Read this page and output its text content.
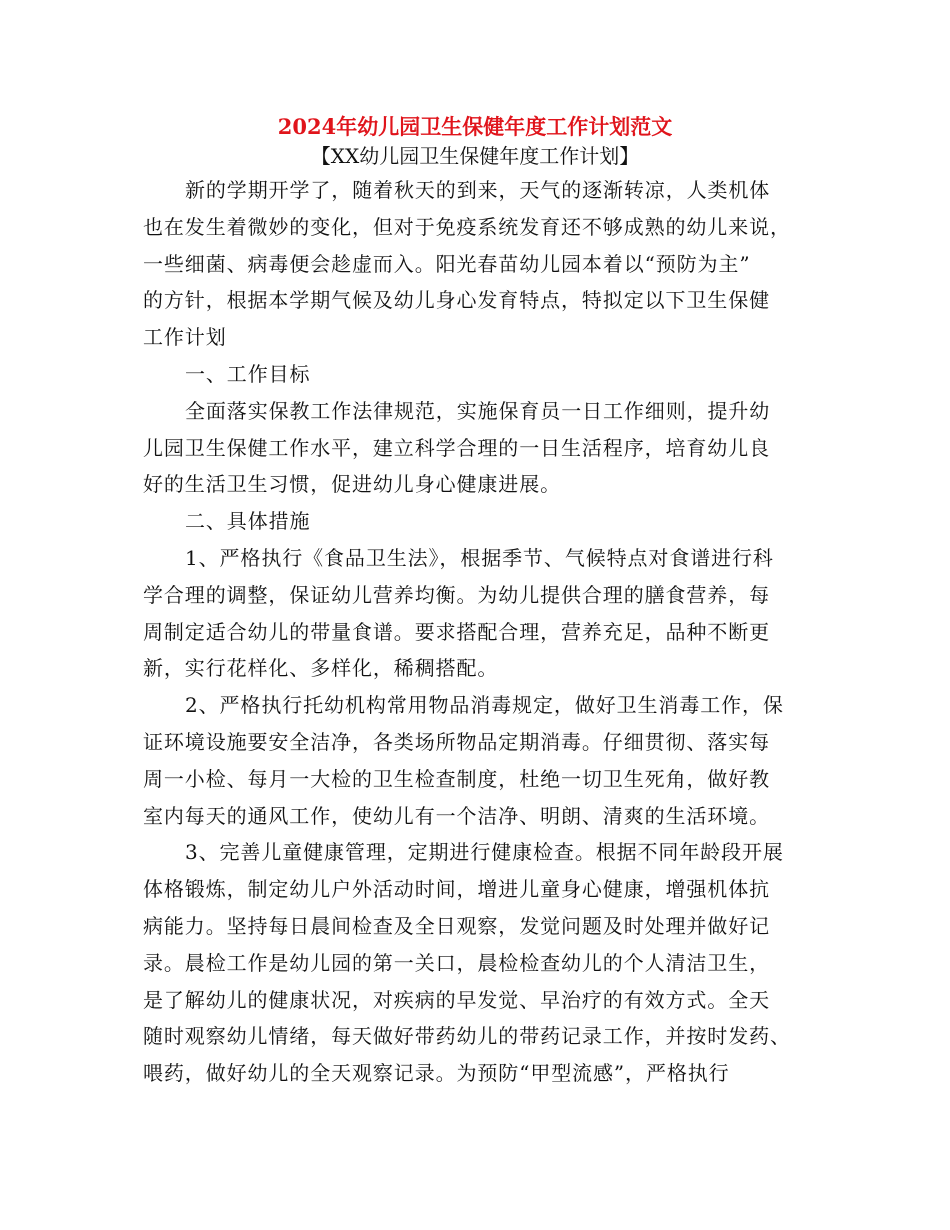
2024年幼儿园卫生保健年度工作计划范文
【XX幼儿园卫生保健年度工作计划】
新的学期开学了，随着秋天的到来，天气的逐渐转凉，人类机体
也在发生着微妙的变化，但对于免疫系统发育还不够成熟的幼儿来说，
一些细菌、病毒便会趁虚而入。阳光春苗幼儿园本着以“预防为主”
的方针，根据本学期气候及幼儿身心发育特点，特拟定以下卫生保健
工作计划
一、工作目标
全面落实保教工作法律规范，实施保育员一日工作细则，提升幼
儿园卫生保健工作水平，建立科学合理的一日生活程序，培育幼儿良
好的生活卫生习惯，促进幼儿身心健康进展。
二、具体措施
1、严格执行《食品卫生法》，根据季节、气候特点对食谱进行科
学合理的调整，保证幼儿营养均衡。为幼儿提供合理的膳食营养，每
周制定适合幼儿的带量食谱。要求搭配合理，营养充足，品种不断更
新，实行花样化、多样化，稀稠搭配。
2、严格执行托幼机构常用物品消毒规定，做好卫生消毒工作，保
证环境设施要安全洁净，各类场所物品定期消毒。仔细贯彻、落实每
周一小检、每月一大检的卫生检查制度，杜绝一切卫生死角，做好教
室内每天的通风工作，使幼儿有一个洁净、明朗、清爽的生活环境。
3、完善儿童健康管理，定期进行健康检查。根据不同年龄段开展
体格锻炼，制定幼儿户外活动时间，增进儿童身心健康，增强机体抗
病能力。坚持每日晨间检查及全日观察，发觉问题及时处理并做好记
录。晨检工作是幼儿园的第一关口，晨检检查幼儿的个人清洁卫生，
是了解幼儿的健康状况，对疾病的早发觉、早治疗的有效方式。全天
随时观察幼儿情绪，每天做好带药幼儿的带药记录工作，并按时发药、
喂药，做好幼儿的全天观察记录。为预防“甲型流感”，严格执行
